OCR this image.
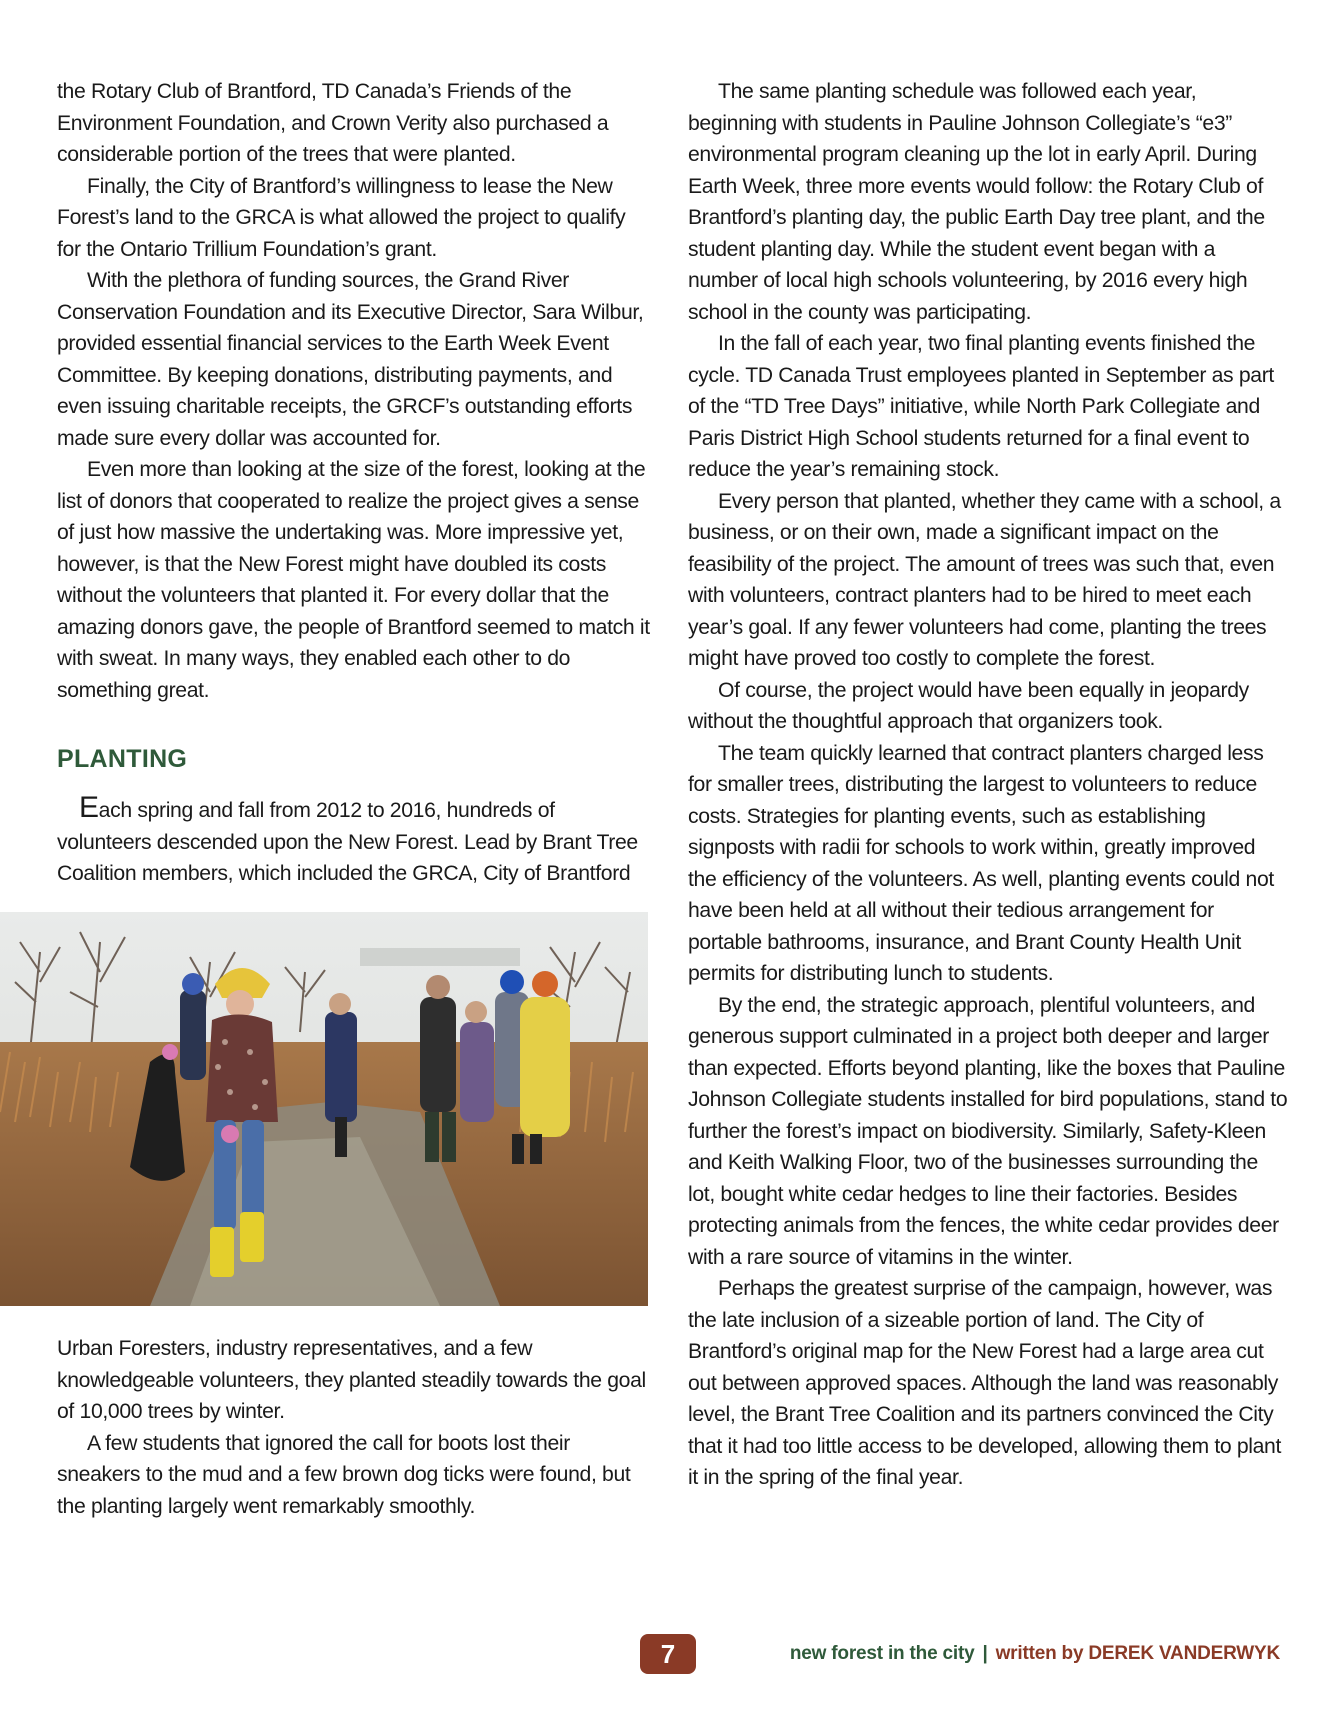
the Rotary Club of Brantford, TD Canada’s Friends of the Environment Foundation, and Crown Verity also purchased a considerable portion of the trees that were planted.

Finally, the City of Brantford’s willingness to lease the New Forest’s land to the GRCA is what allowed the project to qualify for the Ontario Trillium Foundation’s grant.

With the plethora of funding sources, the Grand River Conservation Foundation and its Executive Director, Sara Wilbur, provided essential financial services to the Earth Week Event Committee. By keeping donations, distributing payments, and even issuing charitable receipts, the GRCF’s outstanding efforts made sure every dollar was accounted for.

Even more than looking at the size of the forest, looking at the list of donors that cooperated to realize the project gives a sense of just how massive the undertaking was. More impressive yet, however, is that the New Forest might have doubled its costs without the volunteers that planted it. For every dollar that the amazing donors gave, the people of Brantford seemed to match it with sweat. In many ways, they enabled each other to do something great.

PLANTING

Each spring and fall from 2012 to 2016, hundreds of volunteers descended upon the New Forest. Lead by Brant Tree Coalition members, which included the GRCA, City of Brantford

Urban Foresters, industry representatives, and a few knowledgeable volunteers, they planted steadily towards the goal of 10,000 trees by winter.

A few students that ignored the call for boots lost their sneakers to the mud and a few brown dog ticks were found, but the planting largely went remarkably smoothly.

The same planting schedule was followed each year, beginning with students in Pauline Johnson Collegiate’s “e3” environmental program cleaning up the lot in early April. During Earth Week, three more events would follow: the Rotary Club of Brantford’s planting day, the public Earth Day tree plant, and the student planting day. While the student event began with a number of local high schools volunteering, by 2016 every high school in the county was participating.

In the fall of each year, two final planting events finished the cycle. TD Canada Trust employees planted in September as part of the “TD Tree Days” initiative, while North Park Collegiate and Paris District High School students returned for a final event to reduce the year’s remaining stock.

Every person that planted, whether they came with a school, a business, or on their own, made a significant impact on the feasibility of the project. The amount of trees was such that, even with volunteers, contract planters had to be hired to meet each year’s goal. If any fewer volunteers had come, planting the trees might have proved too costly to complete the forest.

Of course, the project would have been equally in jeopardy without the thoughtful approach that organizers took.

The team quickly learned that contract planters charged less for smaller trees, distributing the largest to volunteers to reduce costs. Strategies for planting events, such as establishing signposts with radii for schools to work within, greatly improved the efficiency of the volunteers. As well, planting events could not have been held at all without their tedious arrangement for portable bathrooms, insurance, and Brant County Health Unit permits for distributing lunch to students.

By the end, the strategic approach, plentiful volunteers, and generous support culminated in a project both deeper and larger than expected. Efforts beyond planting, like the boxes that Pauline Johnson Collegiate students installed for bird populations, stand to further the forest’s impact on biodiversity. Similarly, Safety-Kleen and Keith Walking Floor, two of the businesses surrounding the lot, bought white cedar hedges to line their factories. Besides protecting animals from the fences, the white cedar provides deer with a rare source of vitamins in the winter.

Perhaps the greatest surprise of the campaign, however, was the late inclusion of a sizeable portion of land. The City of Brantford’s original map for the New Forest had a large area cut out between approved spaces. Although the land was reasonably level, the Brant Tree Coalition and its partners convinced the City that it had too little access to be developed, allowing them to plant it in the spring of the final year.

7	new forest in the city | written by DEREK VANDERWYK
